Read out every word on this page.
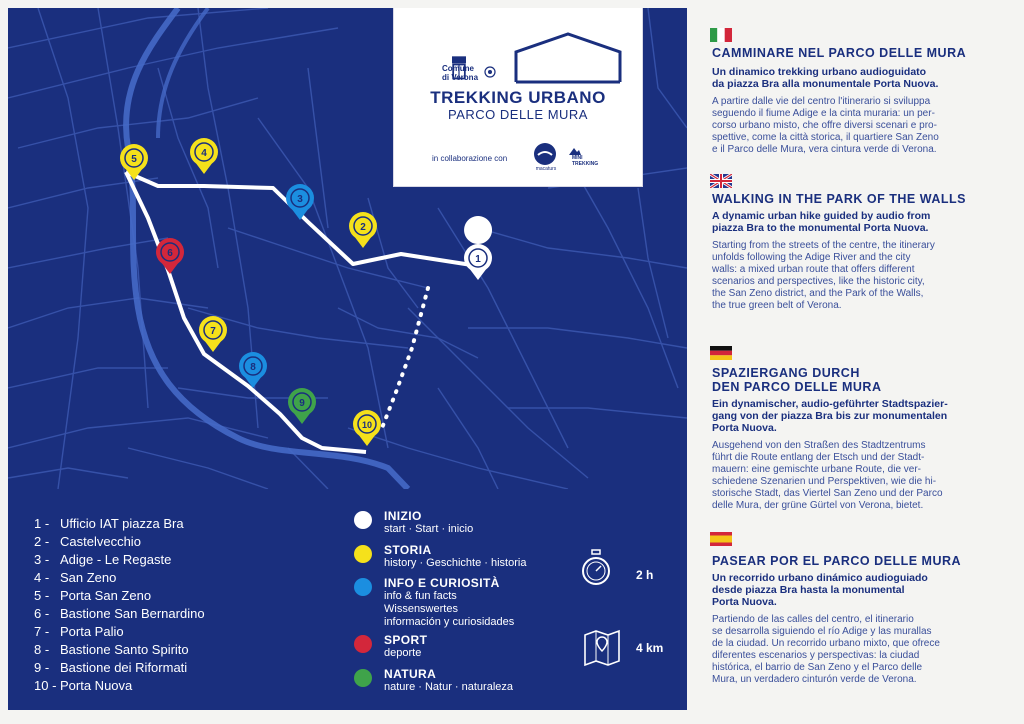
1
2
3
4
5
6
7
8
9
10
Comune
di Verona
TREKKING URBANO
PARCO DELLE MURA
in collaborazione con
macaturs
MINI
TREKKING
1 - Ufficio IAT piazza Bra
2 - Castelvecchio
3 - Adige - Le Regaste
4 - San Zeno
5 - Porta San Zeno
6 - Bastione San Bernardino
7 - Porta Palio
8 - Bastione Santo Spirito
9 - Bastione dei Riformati
10 - Porta Nuova
INIZIO
start · Start · inicio
STORIA
history · Geschichte · historia
INFO E CURIOSITÀ
info & fun facts
Wissenswertes
información y curiosidades
SPORT
deporte
NATURA
nature · Natur · naturaleza
2 h
4 km
CAMMINARE NEL PARCO DELLE MURA
Un dinamico trekking urbano audioguidato
da piazza Bra alla monumentale Porta Nuova.
A partire dalle vie del centro l'itinerario si sviluppa
seguendo il fiume Adige e la cinta muraria: un per-
corso urbano misto, che offre diversi scenari e pro-
spettive, come la città storica, il quartiere San Zeno
e il Parco delle Mura, vera cintura verde di Verona.
WALKING IN THE PARK OF THE WALLS
A dynamic urban hike guided by audio from
piazza Bra to the monumental Porta Nuova.
Starting from the streets of the centre, the itinerary
unfolds following the Adige River and the city
walls: a mixed urban route that offers different
scenarios and perspectives, like the historic city,
the San Zeno district, and the Park of the Walls,
the true green belt of Verona.
SPAZIERGANG DURCH
DEN PARCO DELLE MURA
Ein dynamischer, audio-geführter Stadtspazier-
gang von der piazza Bra bis zur monumentalen
Porta Nuova.
Ausgehend von den Straßen des Stadtzentrums
führt die Route entlang der Etsch und der Stadt-
mauern: eine gemischte urbane Route, die ver-
schiedene Szenarien und Perspektiven, wie die hi-
storische Stadt, das Viertel San Zeno und der Parco
delle Mura, der grüne Gürtel von Verona, bietet.
PASEAR POR EL PARCO DELLE MURA
Un recorrido urbano dinámico audioguiado
desde piazza Bra hasta la monumental
Porta Nuova.
Partiendo de las calles del centro, el itinerario
se desarrolla siguiendo el río Adige y las murallas
de la ciudad. Un recorrido urbano mixto, que ofrece
diferentes escenarios y perspectivas: la ciudad
histórica, el barrio de San Zeno y el Parco delle
Mura, un verdadero cinturón verde de Verona.
